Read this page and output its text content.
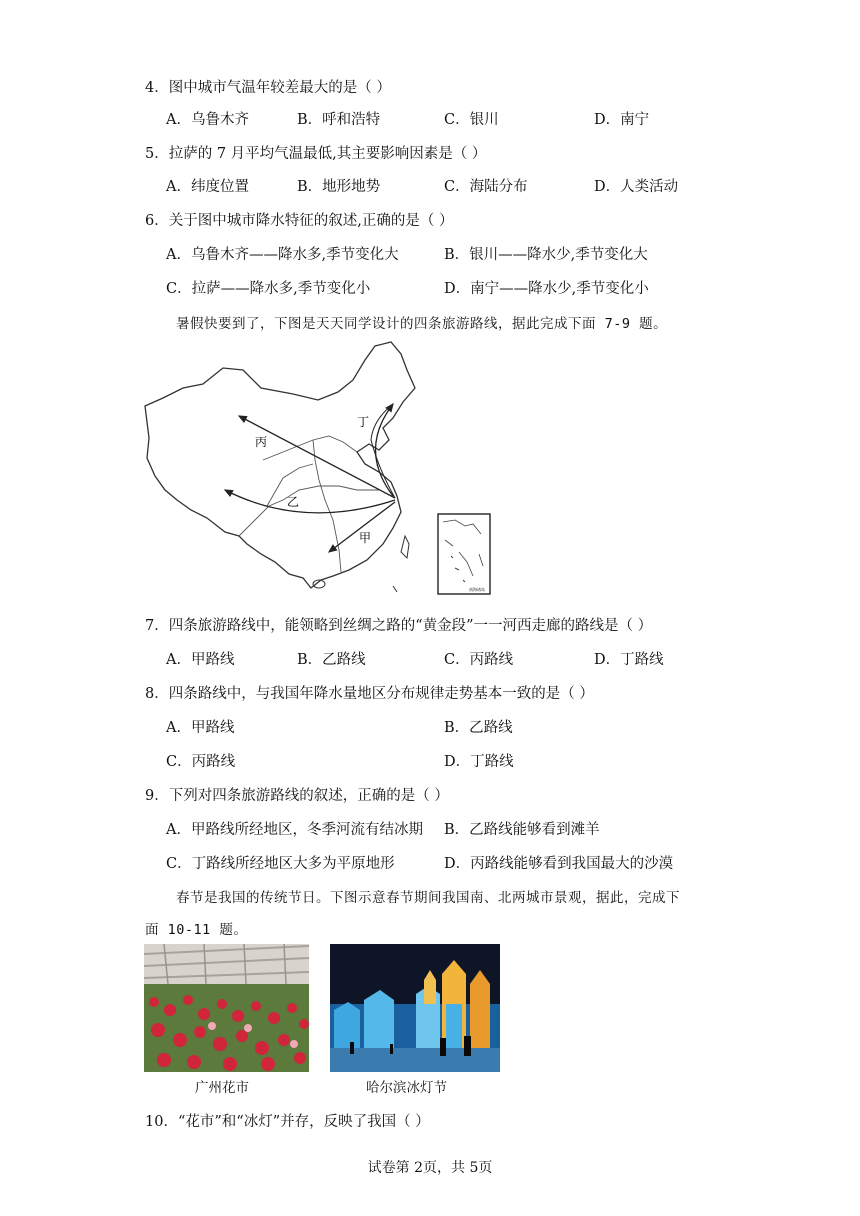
4．图中城市气温年较差最大的是（ ）
A．乌鲁木齐	B．呼和浩特	C．银川	D．南宁
5．拉萨的 7 月平均气温最低,其主要影响因素是（ ）
A．纬度位置	B．地形地势	C．海陆分布	D．人类活动
6．关于图中城市降水特征的叙述,正确的是（ ）
A．乌鲁木齐——降水多,季节变化大	B．银川——降水少,季节变化大
C．拉萨——降水多,季节变化小	D．南宁——降水少,季节变化小
暑假快要到了，下图是天天同学设计的四条旅游路线，据此完成下面 7-9 题。
丙
乙
丁
甲
南海诸岛
7．四条旅游路线中，能领略到丝绸之路的“黄金段”一一河西走廊的路线是（ ）
A．甲路线	B．乙路线	C．丙路线	D．丁路线
8．四条路线中，与我国年降水量地区分布规律走势基本一致的是（ ）
A．甲路线	B．乙路线
C．丙路线	D．丁路线
9．下列对四条旅游路线的叙述，正确的是（ ）
A．甲路线所经地区，冬季河流有结冰期 B．乙路线能够看到滩羊
C．丁路线所经地区大多为平原地形	D．丙路线能够看到我国最大的沙漠
春节是我国的传统节日。下图示意春节期间我国南、北两城市景观，据此，完成下
面 10-11 题。
广州花市	哈尔滨冰灯节
10．“花市”和“冰灯”并存，反映了我国（ ）
试卷第 2页，共 5页
